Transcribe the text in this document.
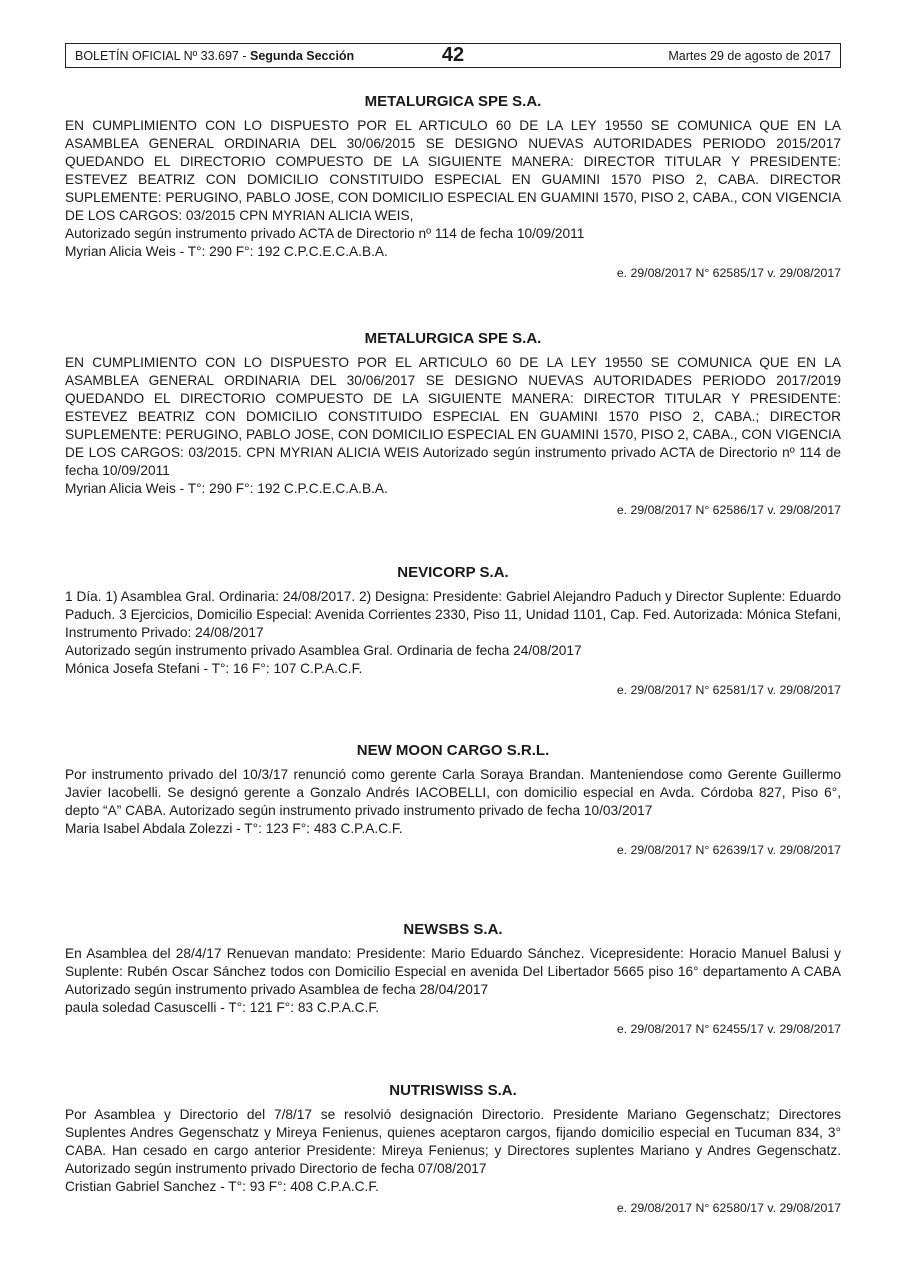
BOLETÍN OFICIAL Nº 33.697 - Segunda Sección	42	Martes 29 de agosto de 2017
METALURGICA SPE S.A.

EN CUMPLIMIENTO CON LO DISPUESTO POR EL ARTICULO 60 DE LA LEY 19550 SE COMUNICA QUE EN LA ASAMBLEA GENERAL ORDINARIA DEL 30/06/2015 SE DESIGNO NUEVAS AUTORIDADES PERIODO 2015/2017 QUEDANDO EL DIRECTORIO COMPUESTO DE LA SIGUIENTE MANERA: DIRECTOR TITULAR Y PRESIDENTE: ESTEVEZ BEATRIZ CON DOMICILIO CONSTITUIDO ESPECIAL EN GUAMINI 1570 PISO 2, CABA. DIRECTOR SUPLEMENTE: PERUGINO, PABLO JOSE, CON DOMICILIO ESPECIAL EN GUAMINI 1570, PISO 2, CABA., CON VIGENCIA DE LOS CARGOS: 03/2015 CPN MYRIAN ALICIA WEIS,

Autorizado según instrumento privado ACTA de Directorio nº 114 de fecha 10/09/2011

Myrian Alicia Weis - T°: 290 F°: 192 C.P.C.E.C.A.B.A.

e. 29/08/2017 N° 62585/17 v. 29/08/2017

METALURGICA SPE S.A.

EN CUMPLIMIENTO CON LO DISPUESTO POR EL ARTICULO 60 DE LA LEY 19550 SE COMUNICA QUE EN LA ASAMBLEA GENERAL ORDINARIA DEL 30/06/2017 SE DESIGNO NUEVAS AUTORIDADES PERIODO 2017/2019 QUEDANDO EL DIRECTORIO COMPUESTO DE LA SIGUIENTE MANERA: DIRECTOR TITULAR Y PRESIDENTE: ESTEVEZ BEATRIZ CON DOMICILIO CONSTITUIDO ESPECIAL EN GUAMINI 1570 PISO 2, CABA.; DIRECTOR SUPLEMENTE: PERUGINO, PABLO JOSE, CON DOMICILIO ESPECIAL EN GUAMINI 1570, PISO 2, CABA., CON VIGENCIA DE LOS CARGOS: 03/2015. CPN MYRIAN ALICIA WEIS Autorizado según instrumento privado ACTA de Directorio nº 114 de fecha 10/09/2011

Myrian Alicia Weis - T°: 290 F°: 192 C.P.C.E.C.A.B.A.

e. 29/08/2017 N° 62586/17 v. 29/08/2017

NEVICORP S.A.

1 Día. 1) Asamblea Gral. Ordinaria: 24/08/2017. 2) Designa: Presidente: Gabriel Alejandro Paduch y Director Suplente: Eduardo Paduch. 3 Ejercicios, Domicilio Especial: Avenida Corrientes 2330, Piso 11, Unidad 1101, Cap. Fed. Autorizada: Mónica Stefani, Instrumento Privado: 24/08/2017

Autorizado según instrumento privado Asamblea Gral. Ordinaria de fecha 24/08/2017

Mónica Josefa Stefani - T°: 16 F°: 107 C.P.A.C.F.

e. 29/08/2017 N° 62581/17 v. 29/08/2017

NEW MOON CARGO S.R.L.

Por instrumento privado del 10/3/17 renunció como gerente Carla Soraya Brandan. Manteniendose como Gerente Guillermo Javier Iacobelli. Se designó gerente a Gonzalo Andrés IACOBELLI, con domicilio especial en Avda. Córdoba 827, Piso 6°, depto “A” CABA. Autorizado según instrumento privado instrumento privado de fecha 10/03/2017

Maria Isabel Abdala Zolezzi - T°: 123 F°: 483 C.P.A.C.F.

e. 29/08/2017 N° 62639/17 v. 29/08/2017

NEWSBS S.A.

En Asamblea del 28/4/17 Renuevan mandato: Presidente: Mario Eduardo Sánchez. Vicepresidente: Horacio Manuel Balusi y Suplente: Rubén Oscar Sánchez todos con Domicilio Especial en avenida Del Libertador 5665 piso 16° departamento A CABA Autorizado según instrumento privado Asamblea de fecha 28/04/2017

paula soledad Casuscelli - T°: 121 F°: 83 C.P.A.C.F.

e. 29/08/2017 N° 62455/17 v. 29/08/2017

NUTRISWISS S.A.

Por Asamblea y Directorio del 7/8/17 se resolvió designación Directorio. Presidente Mariano Gegenschatz; Directores Suplentes Andres Gegenschatz y Mireya Fenienus, quienes aceptaron cargos, fijando domicilio especial en Tucuman 834, 3° CABA. Han cesado en cargo anterior Presidente: Mireya Fenienus; y Directores suplentes Mariano y Andres Gegenschatz. Autorizado según instrumento privado Directorio de fecha 07/08/2017

Cristian Gabriel Sanchez - T°: 93 F°: 408 C.P.A.C.F.

e. 29/08/2017 N° 62580/17 v. 29/08/2017
